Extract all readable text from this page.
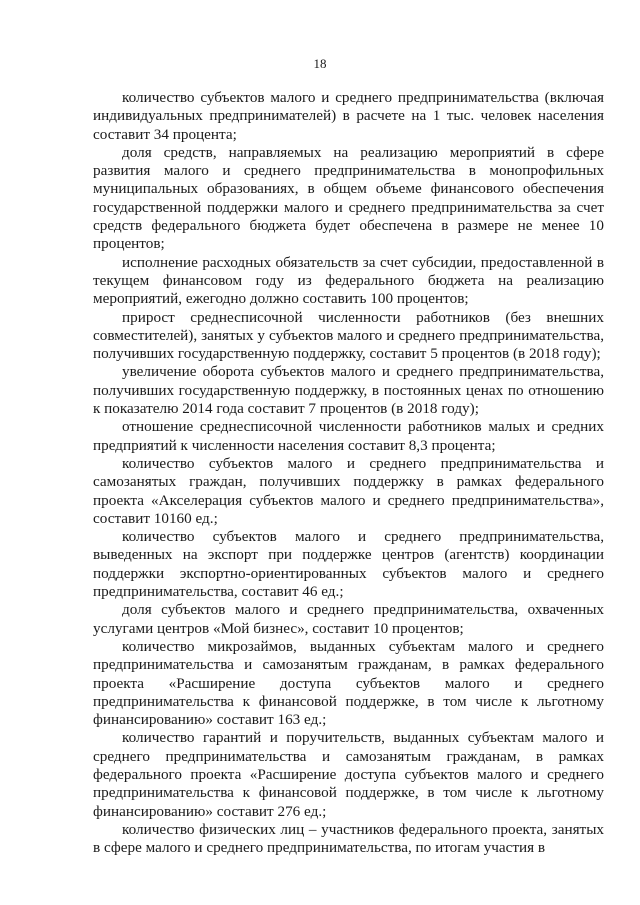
18

количество субъектов малого и среднего предпринимательства (включая индивидуальных предпринимателей) в расчете на 1 тыс. человек населения составит 34 процента;

доля средств, направляемых на реализацию мероприятий в сфере развития малого и среднего предпринимательства в монопрофильных муниципальных образованиях, в общем объеме финансового обеспечения государственной поддержки малого и среднего предпринимательства за счет средств федерального бюджета будет обеспечена в размере не менее 10 процентов;

исполнение расходных обязательств за счет субсидии, предоставленной в текущем финансовом году из федерального бюджета на реализацию мероприятий, ежегодно должно составить 100 процентов;

прирост среднесписочной численности работников (без внешних совместителей), занятых у субъектов малого и среднего предпринимательства, получивших государственную поддержку, составит 5 процентов (в 2018 году);

увеличение оборота субъектов малого и среднего предпринимательства, получивших государственную поддержку, в постоянных ценах по отношению к показателю 2014 года составит 7 процентов (в 2018 году);

отношение среднесписочной численности работников малых и средних предприятий к численности населения составит 8,3 процента;

количество субъектов малого и среднего предпринимательства и самозанятых граждан, получивших поддержку в рамках федерального проекта «Акселерация субъектов малого и среднего предпринимательства», составит 10160 ед.;

количество субъектов малого и среднего предпринимательства, выведенных на экспорт при поддержке центров (агентств) координации поддержки экспортно-ориентированных субъектов малого и среднего предпринимательства, составит 46 ед.;

доля субъектов малого и среднего предпринимательства, охваченных услугами центров «Мой бизнес», составит 10 процентов;

количество микрозаймов, выданных субъектам малого и среднего предпринимательства и самозанятым гражданам, в рамках федерального проекта «Расширение доступа субъектов малого и среднего предпринимательства к финансовой поддержке, в том числе к льготному финансированию» составит 163 ед.;

количество гарантий и поручительств, выданных субъектам малого и среднего предпринимательства и самозанятым гражданам, в рамках федерального проекта «Расширение доступа субъектов малого и среднего предпринимательства к финансовой поддержке, в том числе к льготному финансированию» составит 276 ед.;

количество физических лиц – участников федерального проекта, занятых в сфере малого и среднего предпринимательства, по итогам участия в
